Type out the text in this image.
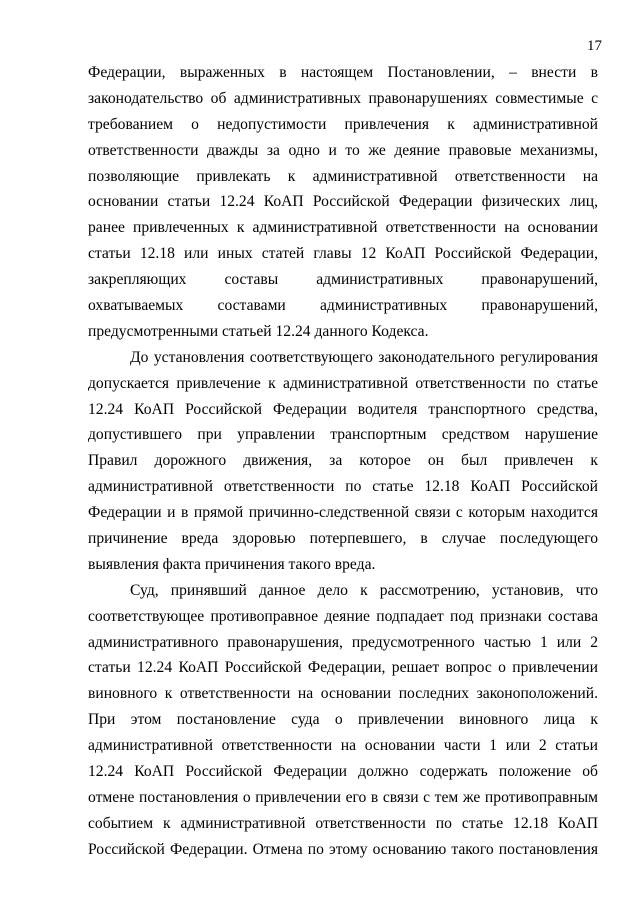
17
Федерации, выраженных в настоящем Постановлении, – внести в
законодательство об административных правонарушениях совместимые с
требованием о недопустимости привлечения к административной
ответственности дважды за одно и то же деяние правовые механизмы,
позволяющие привлекать к административной ответственности на
основании статьи 12.24 КоАП Российской Федерации физических лиц,
ранее привлеченных к административной ответственности на основании
статьи 12.18 или иных статей главы 12 КоАП Российской Федерации,
закрепляющих составы административных правонарушений,
охватываемых составами административных правонарушений,
предусмотренными статьей 12.24 данного Кодекса.
До установления соответствующего законодательного регулирования
допускается привлечение к административной ответственности по статье
12.24 КоАП Российской Федерации водителя транспортного средства,
допустившего при управлении транспортным средством нарушение
Правил дорожного движения, за которое он был привлечен к
административной ответственности по статье 12.18 КоАП Российской
Федерации и в прямой причинно-следственной связи с которым находится
причинение вреда здоровью потерпевшего, в случае последующего
выявления факта причинения такого вреда.
Суд, принявший данное дело к рассмотрению, установив, что
соответствующее противоправное деяние подпадает под признаки состава
административного правонарушения, предусмотренного частью 1 или 2
статьи 12.24 КоАП Российской Федерации, решает вопрос о привлечении
виновного к ответственности на основании последних законоположений.
При этом постановление суда о привлечении виновного лица к
административной ответственности на основании части 1 или 2 статьи
12.24 КоАП Российской Федерации должно содержать положение об
отмене постановления о привлечении его в связи с тем же противоправным
событием к административной ответственности по статье 12.18 КоАП
Российской Федерации. Отмена по этому основанию такого постановления
